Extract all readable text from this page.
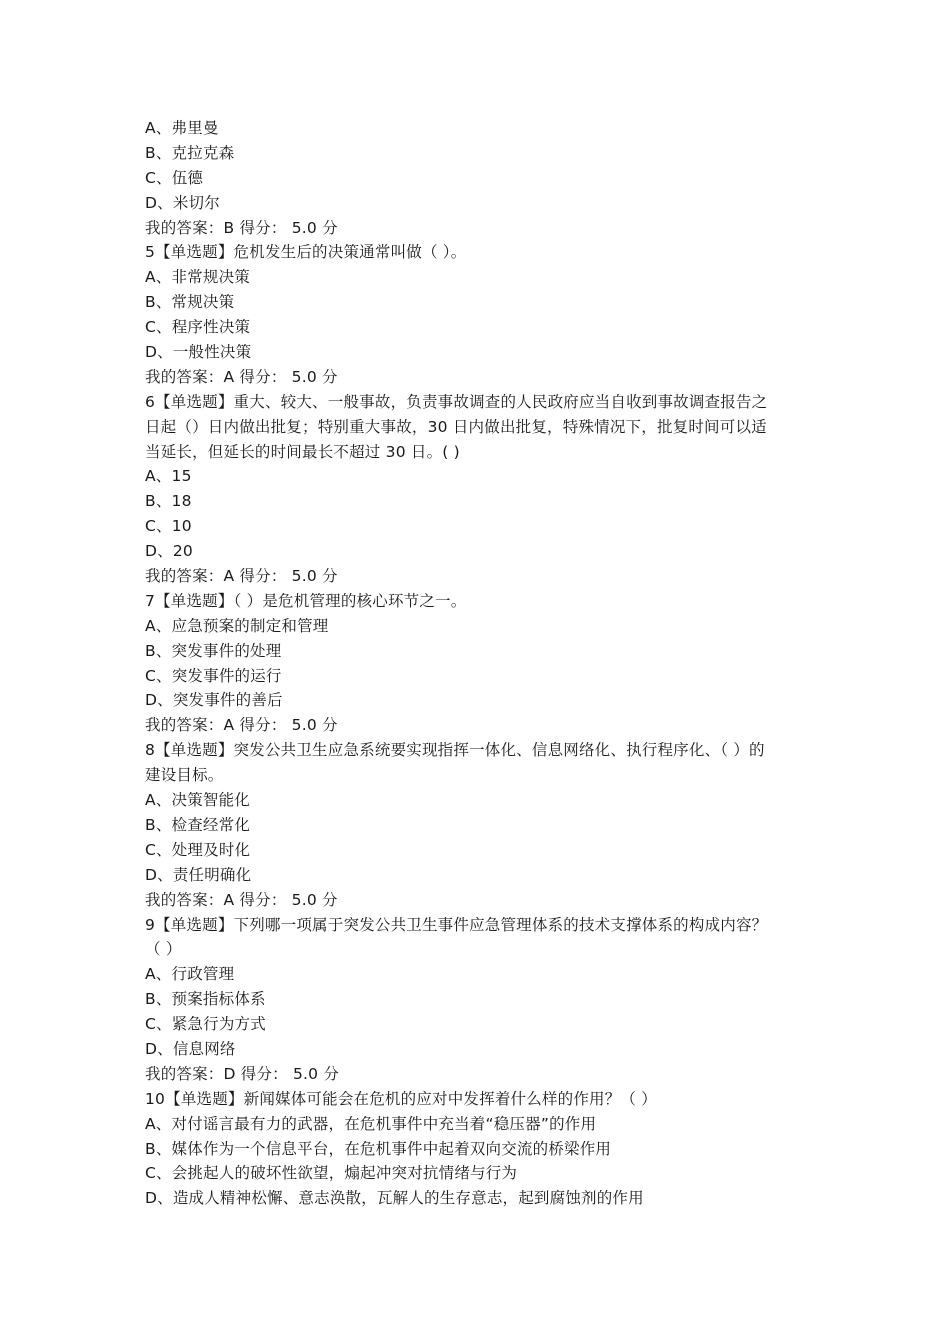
A、弗里曼
B、克拉克森
C、伍德
D、米切尔
我的答案：B 得分： 5.0 分
5【单选题】危机发生后的决策通常叫做（ ）。
A、非常规决策
B、常规决策
C、程序性决策
D、一般性决策
我的答案：A 得分： 5.0 分
6【单选题】重大、较大、一般事故，负责事故调查的人民政府应当自收到事故调查报告之
日起（）日内做出批复；特别重大事故，30 日内做出批复，特殊情况下，批复时间可以适
当延长，但延长的时间最长不超过 30 日。( )
A、15
B、18
C、10
D、20
我的答案：A 得分： 5.0 分
7【单选题】（ ）是危机管理的核心环节之一。
A、应急预案的制定和管理
B、突发事件的处理
C、突发事件的运行
D、突发事件的善后
我的答案：A 得分： 5.0 分
8【单选题】突发公共卫生应急系统要实现指挥一体化、信息网络化、执行程序化、（ ）的
建设目标。
A、决策智能化
B、检查经常化
C、处理及时化
D、责任明确化
我的答案：A 得分： 5.0 分
9【单选题】下列哪一项属于突发公共卫生事件应急管理体系的技术支撑体系的构成内容？
（ ）
A、行政管理
B、预案指标体系
C、紧急行为方式
D、信息网络
我的答案：D 得分： 5.0 分
10【单选题】新闻媒体可能会在危机的应对中发挥着什么样的作用？（ ）
A、对付谣言最有力的武器，在危机事件中充当着“稳压器”的作用
B、媒体作为一个信息平台，在危机事件中起着双向交流的桥梁作用
C、会挑起人的破坏性欲望，煽起冲突对抗情绪与行为
D、造成人精神松懈、意志涣散，瓦解人的生存意志，起到腐蚀剂的作用
